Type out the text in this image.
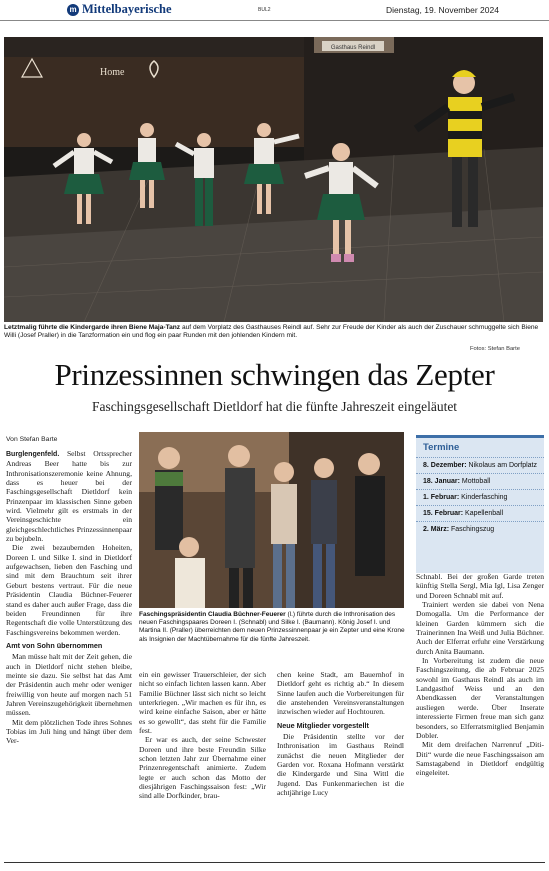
m Mittelbayerische	BUL2	Dienstag, 19. November 2024
Gasthaus Reindl
Home
Letztmalig führte die Kindergarde ihren Biene Maja-Tanz auf dem Vorplatz des Gasthauses Reindl auf. Sehr zur Freude der Kinder als auch der Zuschauer schmuggelte sich Biene Willi (Josef Praller) in die Tanzformation ein und flog ein paar Runden mit den johlenden Kindern mit.
Fotos: Stefan Barte
Prinzessinnen schwingen das Zepter
Faschingsgesellschaft Dietldorf hat die fünfte Jahreszeit eingeläutet
Von Stefan Barte

Burglengenfeld. Selbst Ortssprecher Andreas Beer hatte bis zur Inthronisationszeremonie keine Ahnung, dass es heuer bei der Faschingsgesellschaft Dietldorf kein Prinzenpaar im klassischen Sinne geben wird. Vielmehr gilt es erstmals in der Vereinsgeschichte ein gleichgeschlechtliches Prinzessinnenpaar zu bejubeln.

Die zwei bezaubernden Hoheiten, Doreen I. und Silke I. sind in Dietldorf aufgewachsen, lieben den Fasching und sind mit dem Brauchtum seit ihrer Geburt bestens vertraut. Für die neue Präsidentin Claudia Büchner-Feuerer stand es daher auch außer Frage, dass die beiden Freundinnen für ihre Regentschaft die volle Unterstützung des Faschingsvereins bekommen werden.

Amt von Sohn übernommen

Man müsse halt mit der Zeit gehen, die auch in Dietldorf nicht stehen bleibe, meinte sie dazu. Sie selbst hat das Amt der Präsidentin auch mehr oder weniger freiwillig von heute auf morgen nach 51 Jahren Vereinszugehörigkeit übernehmen müssen.

Mit dem plötzlichen Tode ihres Sohnes Tobias im Juli hing und hängt über dem Ver-

Faschingspräsidentin Claudia Büchner-Feuerer (l.) führte durch die Inthronisation des neuen Faschingspaares Doreen I. (Schnabl) und Silke I. (Baumann). König Josef I. und Martina II. (Praller) überreichten dem neuen Prinzessinnenpaar je ein Zepter und eine Krone als Insignien der Machtübernahme für die fünfte Jahreszeit.

ein ein gewisser Trauerschleier, der sich nicht so einfach lichten lassen kann. Aber Familie Büchner lässt sich nicht so leicht unterkriegen. „Wir machen es für ihn, es wird keine einfache Saison, aber er hätte es so gewollt“, das steht für die Familie fest.

Er war es auch, der seine Schwester Doreen und ihre beste Freundin Silke schon letzten Jahr zur Übernahme einer Prinzenregentschaft animierte. Zudem legte er auch schon das Motto der diesjährigen Faschingssaison fest: „Wir sind alle Dorfkinder, brau-

chen keine Stadt, am Bauernhof in Dietldorf geht es richtig ab.“ In diesem Sinne laufen auch die Vorbereitungen für die anstehenden Vereinsveranstaltungen inzwischen wieder auf Hochtouren.

Neue Mitglieder vorgestellt

Die Präsidentin stellte vor der Inthronisation im Gasthaus Reindl zunächst die neuen Mitglieder der Garden vor. Roxana Hofmann verstärkt die Kindergarde und Sina Wittl die Jugend. Das Funkenmariechen ist die achtjährige Lucy

Termine
8. Dezember: Nikolaus am Dorfplatz
18. Januar: Mottoball
1. Februar: Kinderfasching
15. Februar: Kapellenball
2. März: Faschingszug

Schnabl. Bei der großen Garde treten künftig Stella Sergl, Mia Igl, Lisa Zenger und Doreen Schnabl mit auf.

Trainiert werden sie dabei von Nena Domogalla. Um die Performance der kleinen Garden kümmern sich die Trainerinnen Ina Weiß und Julia Büchner. Auch der Elferrat erfuhr eine Verstärkung durch Anita Baumann.

In Vorbereitung ist zudem die neue Faschingszeitung, die ab Februar 2025 sowohl im Gasthaus Reindl als auch im Landgasthof Weiss und an den Abendkassen der Veranstaltungen ausliegen werde. Über Inserate interessierte Firmen freue man sich ganz besonders, so Elferratsmitglied Benjamin Dobler.

Mit dem dreifachen Narrenruf „Diti-Diti“ wurde die neue Faschingssaison am Samstagabend in Dietldorf endgültig eingeleitet.
